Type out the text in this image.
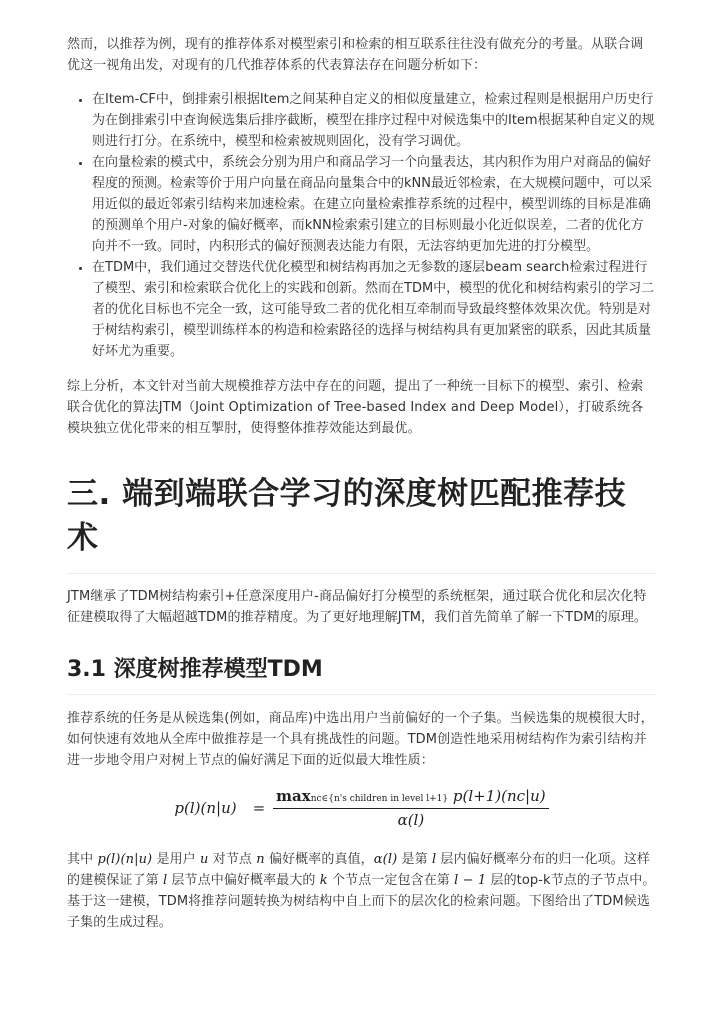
然而，以推荐为例，现有的推荐体系对模型索引和检索的相互联系往往没有做充分的考量。从联合调优这一视角出发，对现有的几代推荐体系的代表算法存在问题分析如下：

• 在Item-CF中，倒排索引根据Item之间某种自定义的相似度量建立，检索过程则是根据用户历史行为在倒排索引中查询候选集后排序截断，模型在排序过程中对候选集中的Item根据某种自定义的规则进行打分。在系统中，模型和检索被规则固化，没有学习调优。
• 在向量检索的模式中，系统会分别为用户和商品学习一个向量表达，其内积作为用户对商品的偏好程度的预测。检索等价于用户向量在商品向量集合中的kNN最近邻检索，在大规模问题中，可以采用近似的最近邻索引结构来加速检索。在建立向量检索推荐系统的过程中，模型训练的目标是准确的预测单个用户-对象的偏好概率，而kNN检索索引建立的目标则最小化近似误差，二者的优化方向并不一致。同时，内积形式的偏好预测表达能力有限，无法容纳更加先进的打分模型。
• 在TDM中，我们通过交替迭代优化模型和树结构再加之无参数的逐层beam search检索过程进行了模型、索引和检索联合优化上的实践和创新。然而在TDM中，模型的优化和树结构索引的学习二者的优化目标也不完全一致，这可能导致二者的优化相互牵制而导致最终整体效果次优。特别是对于树结构索引，模型训练样本的构造和检索路径的选择与树结构具有更加紧密的联系，因此其质量好坏尤为重要。

综上分析，本文针对当前大规模推荐方法中存在的问题，提出了一种统一目标下的模型、索引、检索联合优化的算法JTM（Joint Optimization of Tree-based Index and Deep Model），打破系统各模块独立优化带来的相互掣肘，使得整体推荐效能达到最优。

三. 端到端联合学习的深度树匹配推荐技术

JTM继承了TDM树结构索引+任意深度用户-商品偏好打分模型的系统框架，通过联合优化和层次化特征建模取得了大幅超越TDM的推荐精度。为了更好地理解JTM，我们首先简单了解一下TDM的原理。

3.1 深度树推荐模型TDM

推荐系统的任务是从候选集(例如，商品库)中选出用户当前偏好的一个子集。当候选集的规模很大时，如何快速有效地从全库中做推荐是一个具有挑战性的问题。TDM创造性地采用树结构作为索引结构并进一步地令用户对树上节点的偏好满足下面的近似最大堆性质：

$p(l)(n|u) = \frac{\text{maxnc∈\{n's children in level l+1\} p(l+1)(nc|u)}}{\alpha(l)}$

其中 p(l)(n|u) 是用户 u 对节点 n 偏好概率的真值，α(l) 是第 l 层内偏好概率分布的归一化项。这样的建模保证了第 l 层节点中偏好概率最大的 k 个节点一定包含在第 l − 1 层的top-k节点的子节点中。基于这一建模，TDM将推荐问题转换为树结构中自上而下的层次化的检索问题。下图给出了TDM候选子集的生成过程。
